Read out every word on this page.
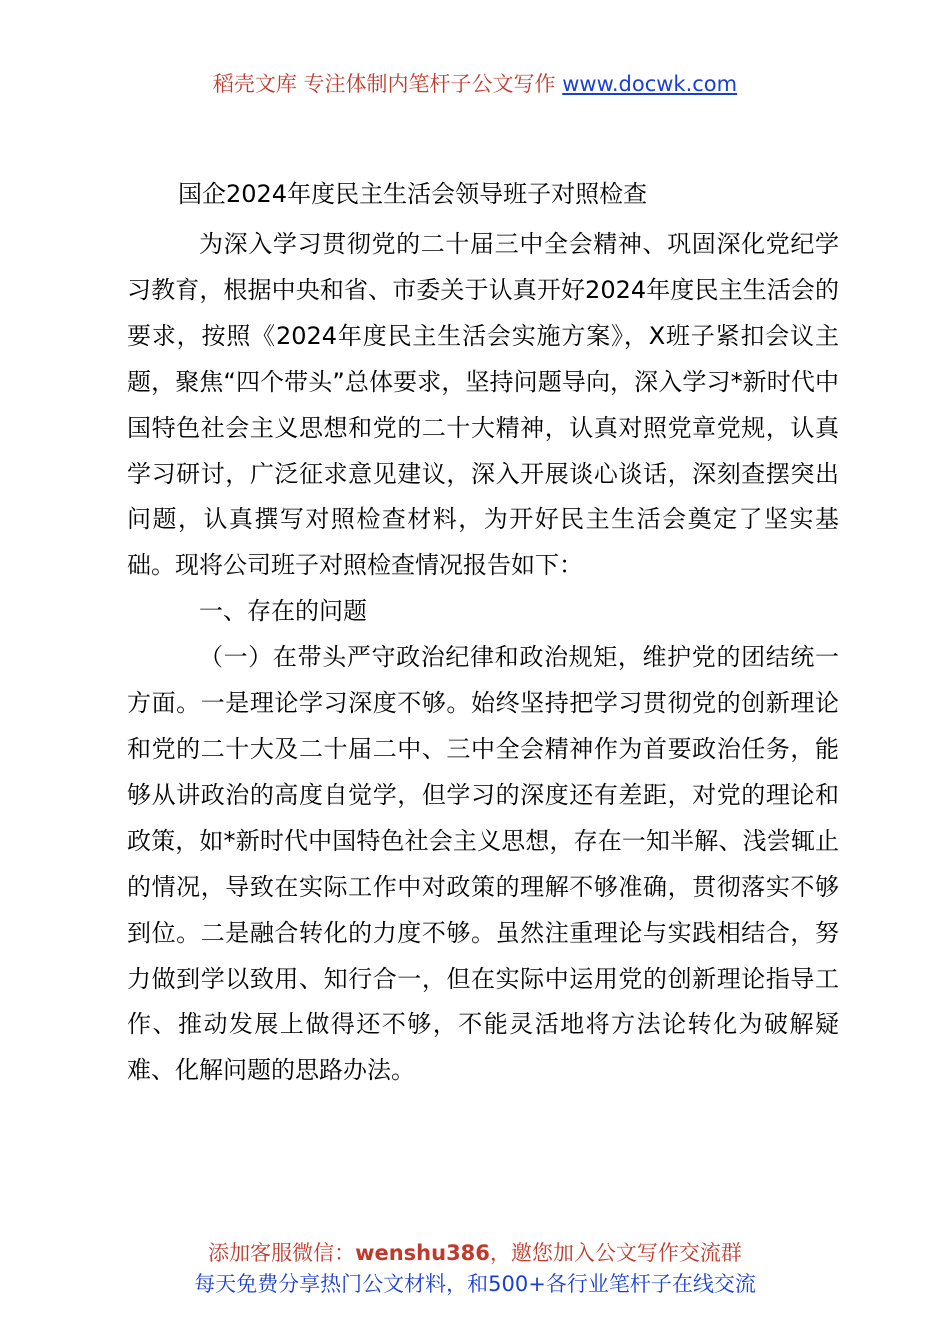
稻壳文库 专注体制内笔杆子公文写作 www.docwk.com
国企2024年度民主生活会领导班子对照检查

为深入学习贯彻党的二十届三中全会精神、巩固深化党纪学习教育，根据中央和省、市委关于认真开好2024年度民主生活会的要求，按照《2024年度民主生活会实施方案》，X班子紧扣会议主题，聚焦“四个带头”总体要求，坚持问题导向，深入学习*新时代中国特色社会主义思想和党的二十大精神，认真对照党章党规，认真学习研讨，广泛征求意见建议，深入开展谈心谈话，深刻查摆突出问题，认真撰写对照检查材料，为开好民主生活会奠定了坚实基础。现将公司班子对照检查情况报告如下：

一、存在的问题

（一）在带头严守政治纪律和政治规矩，维护党的团结统一方面。一是理论学习深度不够。始终坚持把学习贯彻党的创新理论和党的二十大及二十届二中、三中全会精神作为首要政治任务，能够从讲政治的高度自觉学，但学习的深度还有差距，对党的理论和政策，如*新时代中国特色社会主义思想，存在一知半解、浅尝辄止的情况，导致在实际工作中对政策的理解不够准确，贯彻落实不够到位。二是融合转化的力度不够。虽然注重理论与实践相结合，努力做到学以致用、知行合一，但在实际中运用党的创新理论指导工作、推动发展上做得还不够，不能灵活地将方法论转化为破解疑难、化解问题的思路办法。

添加客服微信：wenshu386，邀您加入公文写作交流群
每天免费分享热门公文材料，和500+各行业笔杆子在线交流
